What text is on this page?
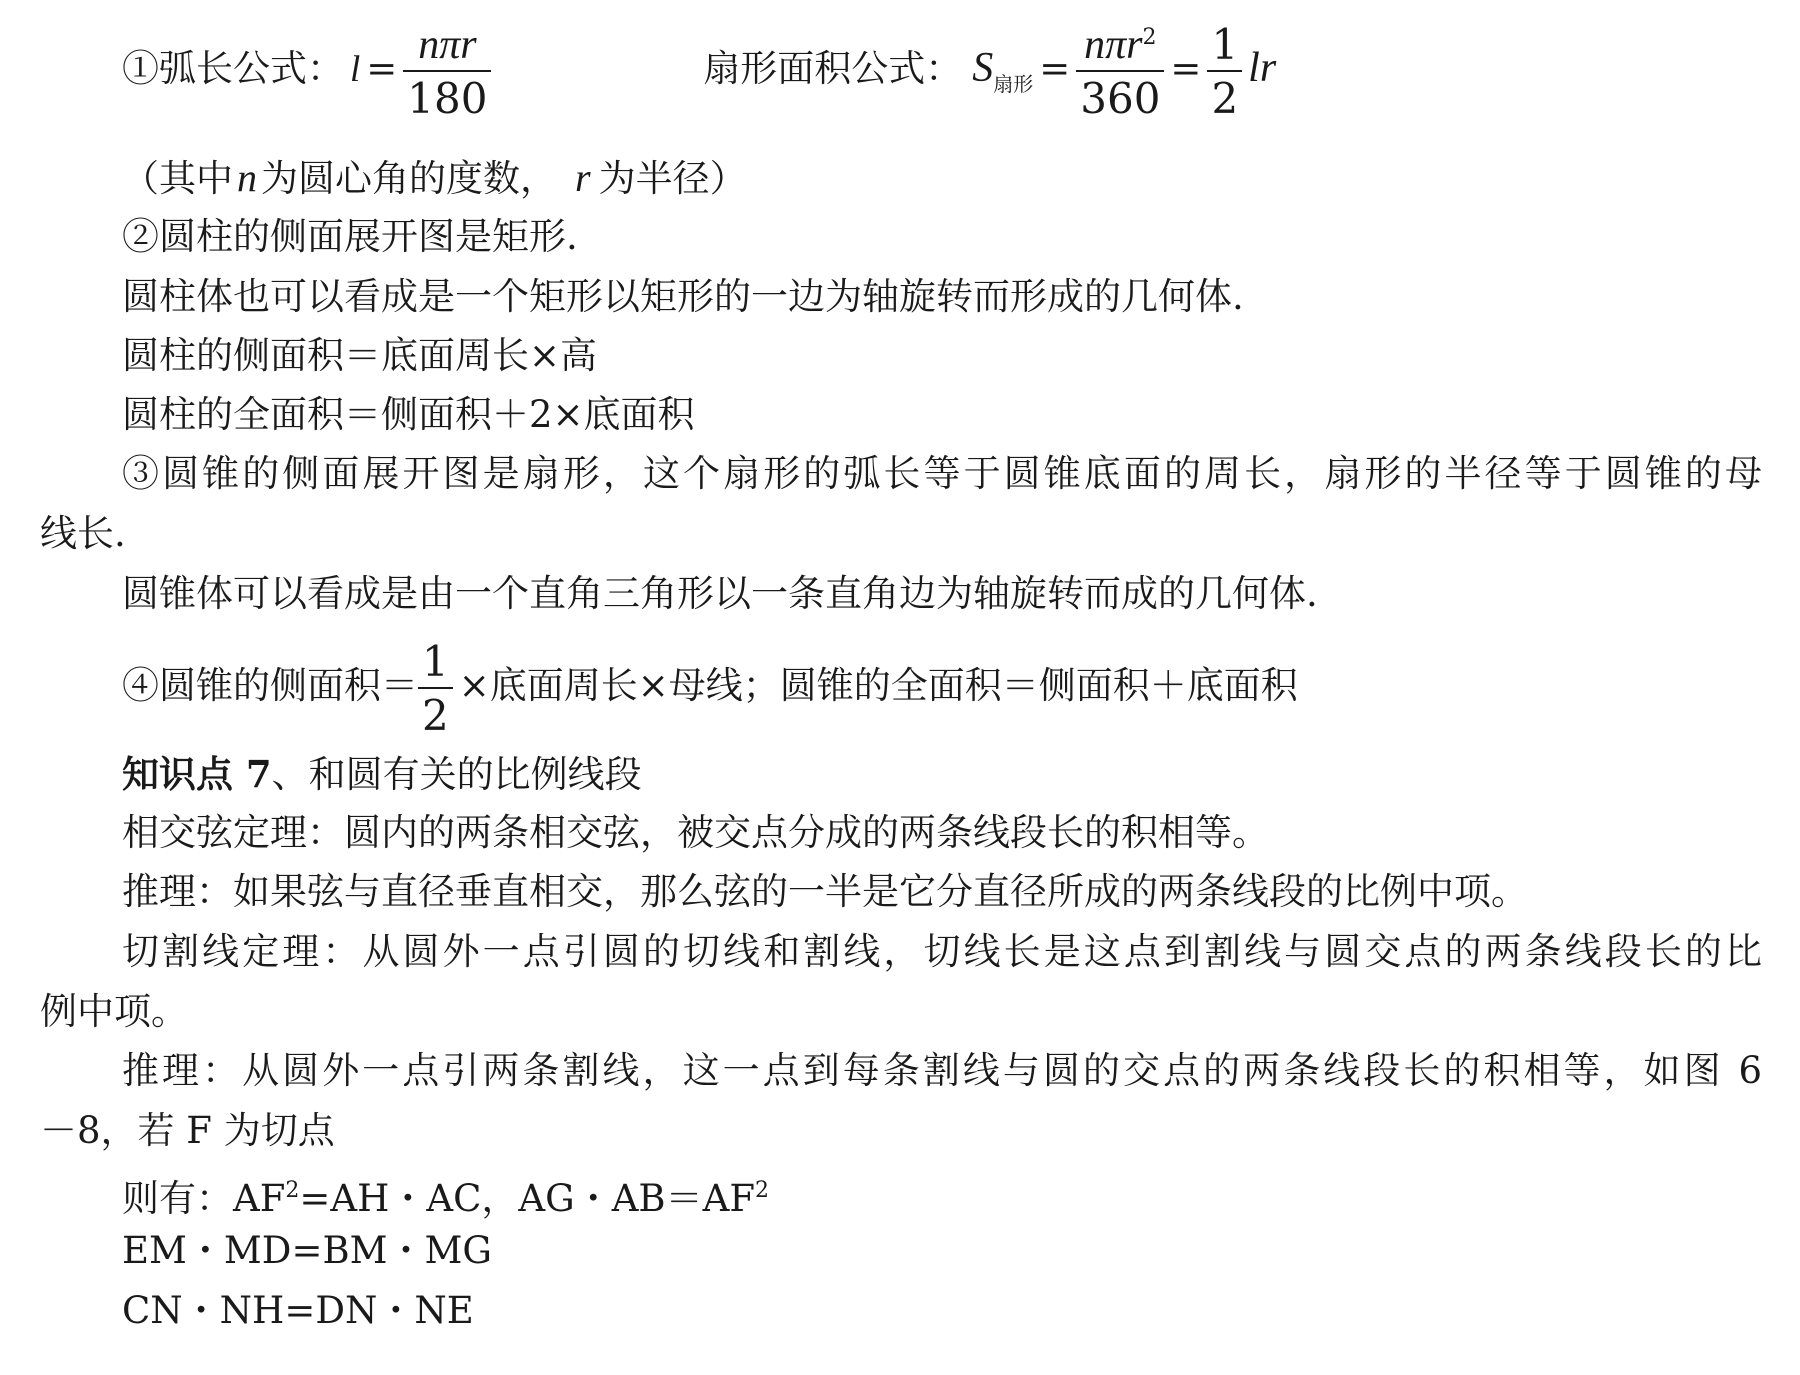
①弧长公式： $l = \frac{\text{nπr}}{180}$	扇形面积公式： $S_{扇形} = \frac{n\pi r^2}{360} = \frac{1}{2}$ lr
（其中 n 为圆心角的度数， r 为半径）
②圆柱的侧面展开图是矩形.
圆柱体也可以看成是一个矩形以矩形的一边为轴旋转而形成的几何体.
圆柱的侧面积＝底面周长×高
圆柱的全面积＝侧面积＋2×底面积
③圆锥的侧面展开图是扇形，这个扇形的弧长等于圆锥底面的周长，扇形的半径等于圆锥的母
线长.
圆锥体可以看成是由一个直角三角形以一条直角边为轴旋转而成的几何体.
④圆锥的侧面积＝ $\frac{1}{2}$ ×底面周长×母线；圆锥的全面积＝侧面积＋底面积
知识点 7、和圆有关的比例线段
相交弦定理：圆内的两条相交弦，被交点分成的两条线段长的积相等。
推理：如果弦与直径垂直相交，那么弦的一半是它分直径所成的两条线段的比例中项。
切割线定理：从圆外一点引圆的切线和割线，切线长是这点到割线与圆交点的两条线段长的比
例中项。
推理：从圆外一点引两条割线，这一点到每条割线与圆的交点的两条线段长的积相等，如图 6
－8，若 F 为切点
则有：$AF^2=AH$・AC，AG・$AB=AF^2$
EM・MD=BM・MG
CN・NH=DN・NE
